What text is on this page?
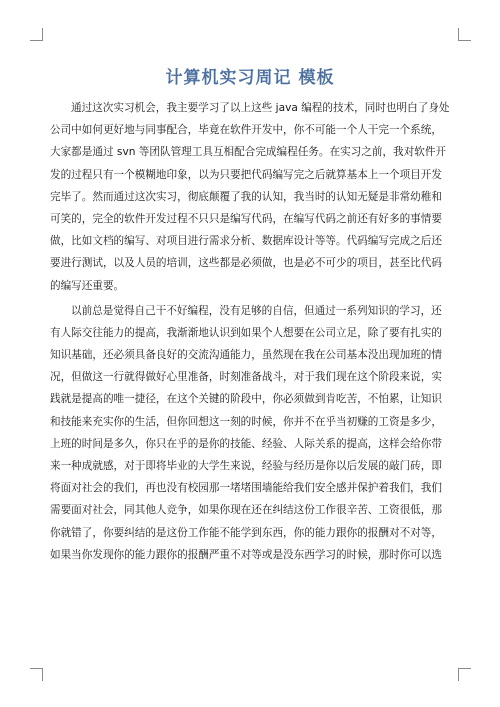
计算机实习周记 模板
通过这次实习机会，我主要学习了以上这些 java 编程的技术，同时也明白了身处
公司中如何更好地与同事配合，毕竟在软件开发中，你不可能一个人干完一个系统，
大家都是通过 svn 等团队管理工具互相配合完成编程任务。在实习之前，我对软件开
发的过程只有一个模糊地印象，以为只要把代码编写完之后就算基本上一个项目开发
完毕了。然而通过这次实习，彻底颠覆了我的认知，我当时的认知无疑是非常幼稚和
可笑的，完全的软件开发过程不只只是编写代码，在编写代码之前还有好多的事情要
做，比如文档的编写、对项目进行需求分析、数据库设计等等。代码编写完成之后还
要进行测试，以及人员的培训，这些都是必须做，也是必不可少的项目，甚至比代码
的编写还重要。
以前总是觉得自己干不好编程，没有足够的自信，但通过一系列知识的学习，还
有人际交往能力的提高，我渐渐地认识到如果个人想要在公司立足，除了要有扎实的
知识基础，还必须具备良好的交流沟通能力，虽然现在我在公司基本没出现加班的情
况，但做这一行就得做好心里准备，时刻准备战斗，对于我们现在这个阶段来说，实
践就是提高的唯一捷径，在这个关键的阶段中，你必须做到肯吃苦，不怕累，让知识
和技能来充实你的生活，但你回想这一刻的时候，你并不在乎当初赚的工资是多少，
上班的时间是多久，你只在乎的是你的技能、经验、人际关系的提高，这样会给你带
来一种成就感，对于即将毕业的大学生来说，经验与经历是你以后发展的敲门砖，即
将面对社会的我们，再也没有校园那一堵堵围墙能给我们安全感并保护着我们，我们
需要面对社会，同其他人竞争，如果你现在还在纠结这份工作很辛苦、工资很低，那
你就错了，你要纠结的是这份工作能不能学到东西，你的能力跟你的报酬对不对等，
如果当你发现你的能力跟你的报酬严重不对等或是没东西学习的时候，那时你可以选
